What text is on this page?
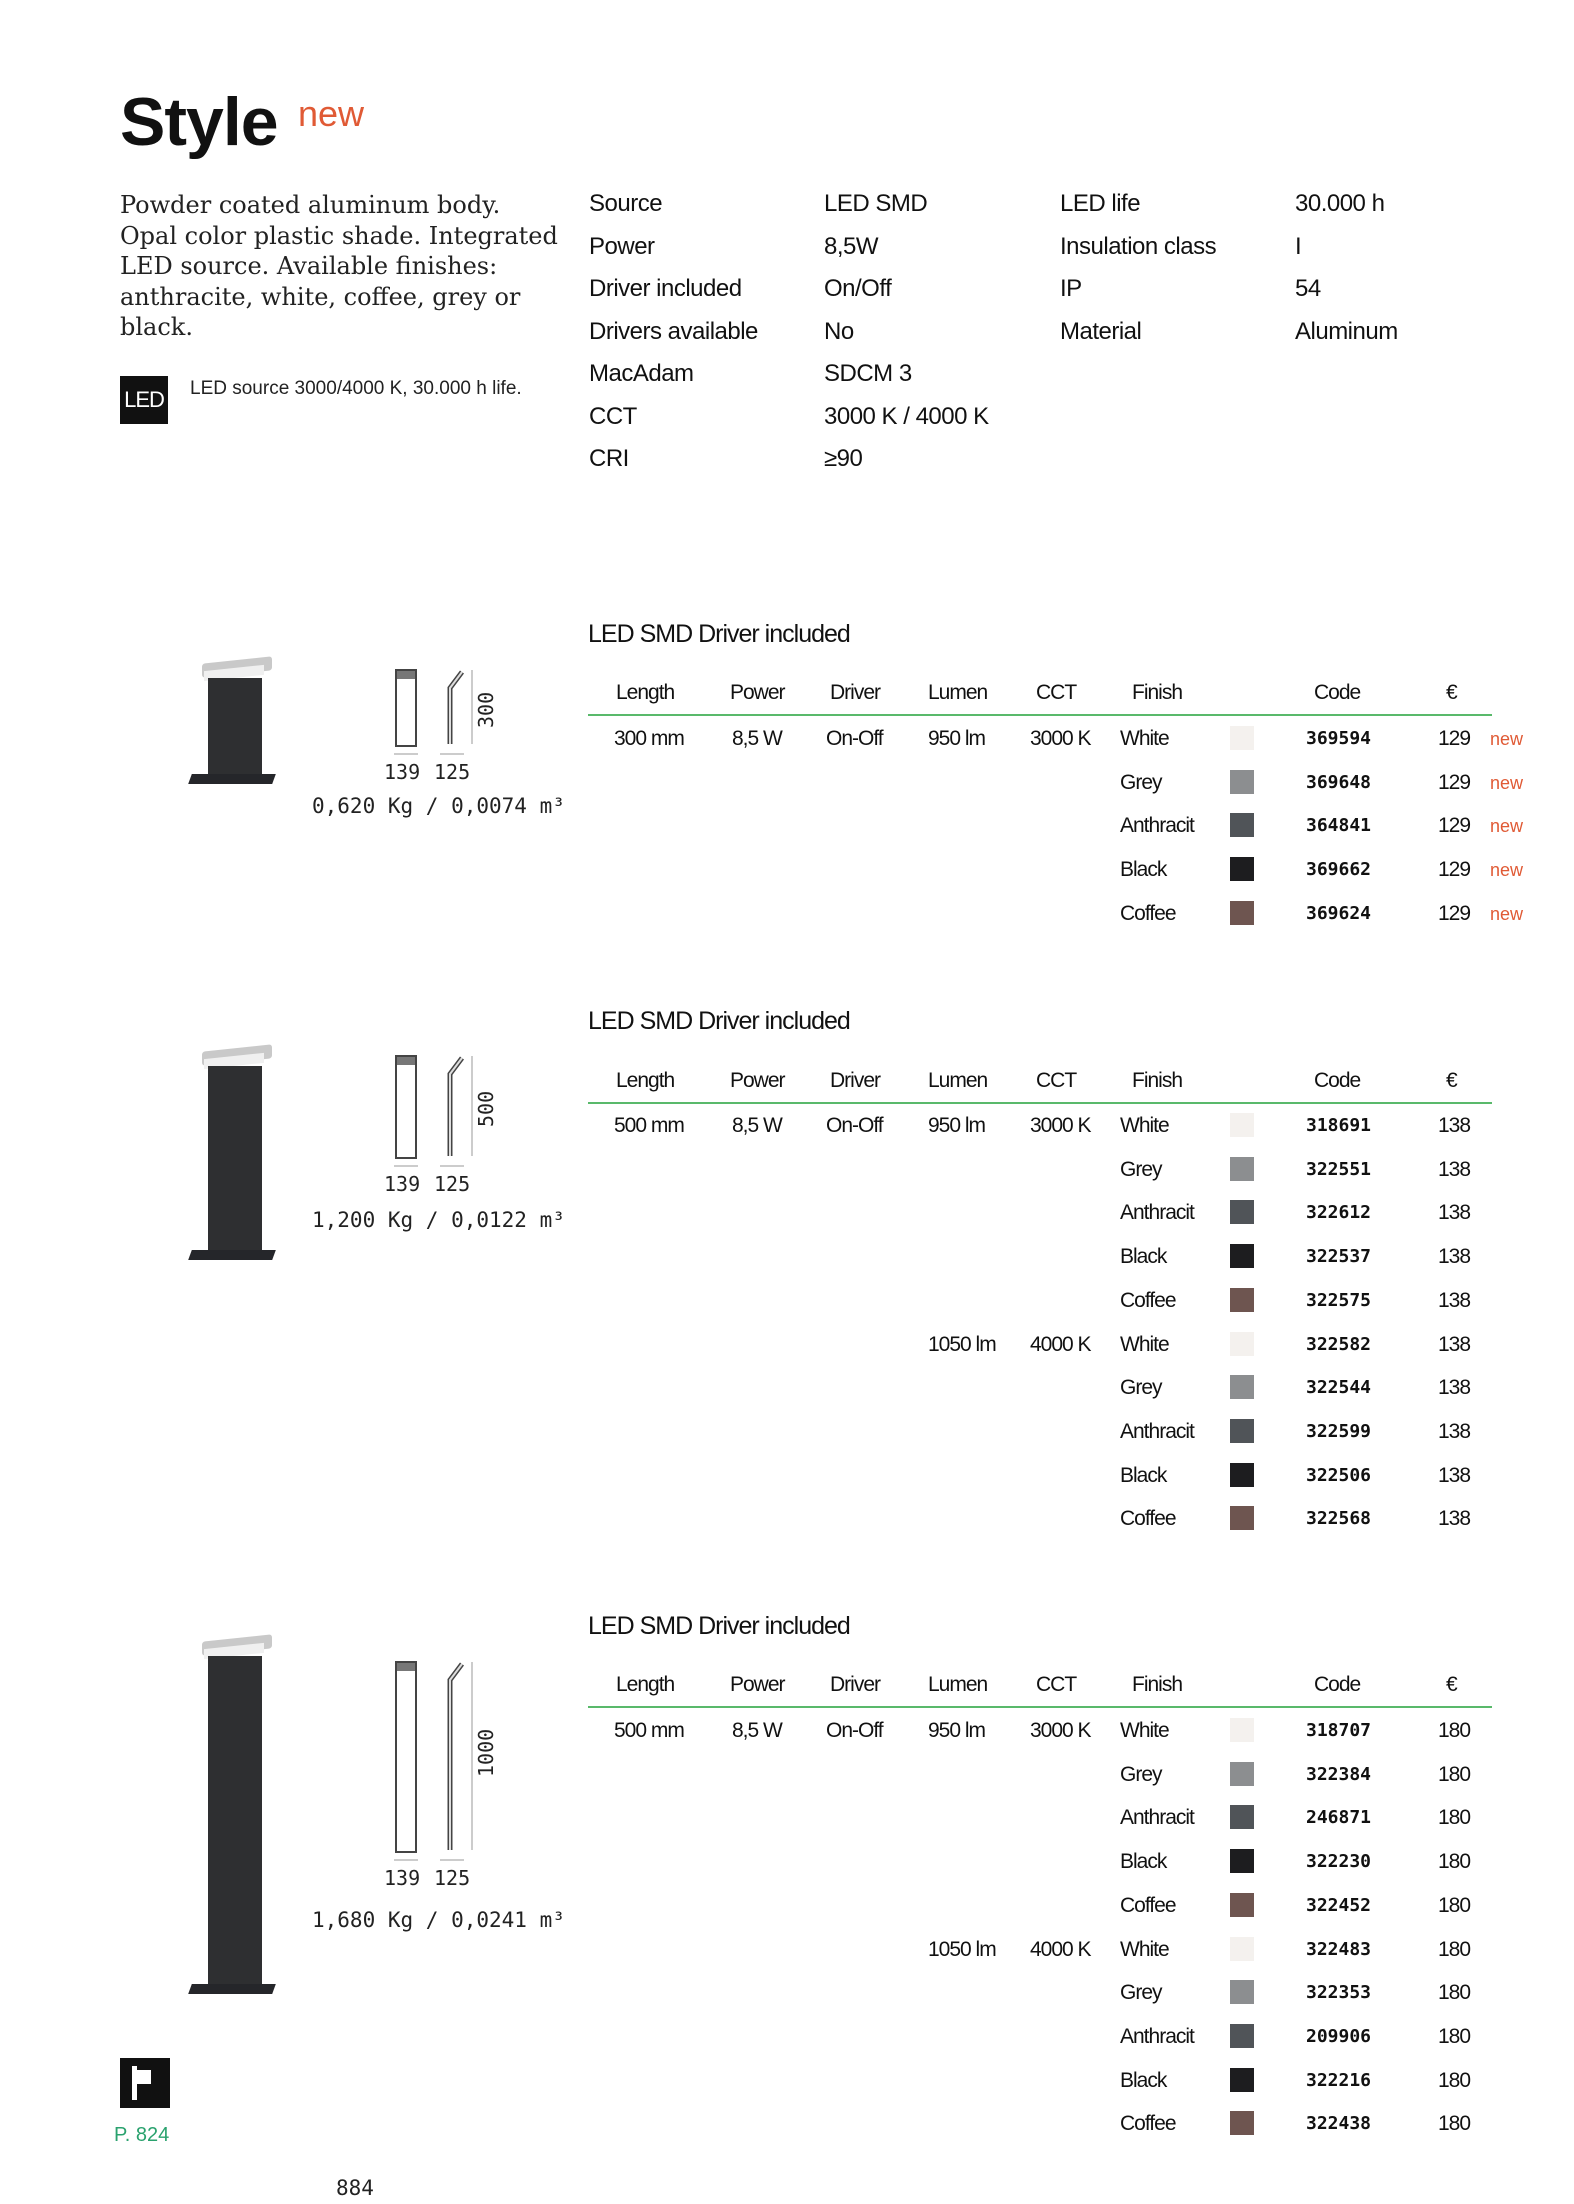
Style new
Powder coated aluminum body. Opal color plastic shade. Integrated LED source. Available finishes: anthracite, white, coffee, grey or black.
LED LED source 3000/4000 K, 30.000 h life.
Source	LED SMD
Power	8,5W
Driver included	On/Off
Drivers available	No
MacAdam	SDCM 3
CCT	3000 K / 4000 K
CRI	≥90
LED life	30.000 h
Insulation class	I
IP	54
Material	Aluminum
300
139 125
0,620 Kg / 0,0074 m³
LED SMD Driver included
Length	Power Driver Lumen CCT	Finish	Code	€
300 mm 8,5 W On-Off 950 lm 3000 K White	369594	129 new
Grey	369648	129 new
Anthracit	364841	129 new
Black	369662	129 new
Coffee	369624	129 new
500
139 125
1,200 Kg / 0,0122 m³
LED SMD Driver included
Length	Power Driver Lumen CCT	Finish	Code	€
500 mm 8,5 W On-Off 950 lm 3000 K White	318691	138
Grey	322551	138
Anthracit	322612	138
Black	322537	138
Coffee	322575	138
1050 lm 4000 K White	322582	138
Grey	322544	138
Anthracit	322599	138
Black	322506	138
Coffee	322568	138
1000
139 125
1,680 Kg / 0,0241 m³
LED SMD Driver included
Length	Power Driver Lumen CCT	Finish	Code	€
500 mm 8,5 W On-Off 950 lm 3000 K White	318707	180
Grey	322384	180
Anthracit	246871	180
Black	322230	180
Coffee	322452	180
1050 lm 4000 K White	322483	180
Grey	322353	180
Anthracit	209906	180
Black	322216	180
Coffee	322438	180
P. 824
884
